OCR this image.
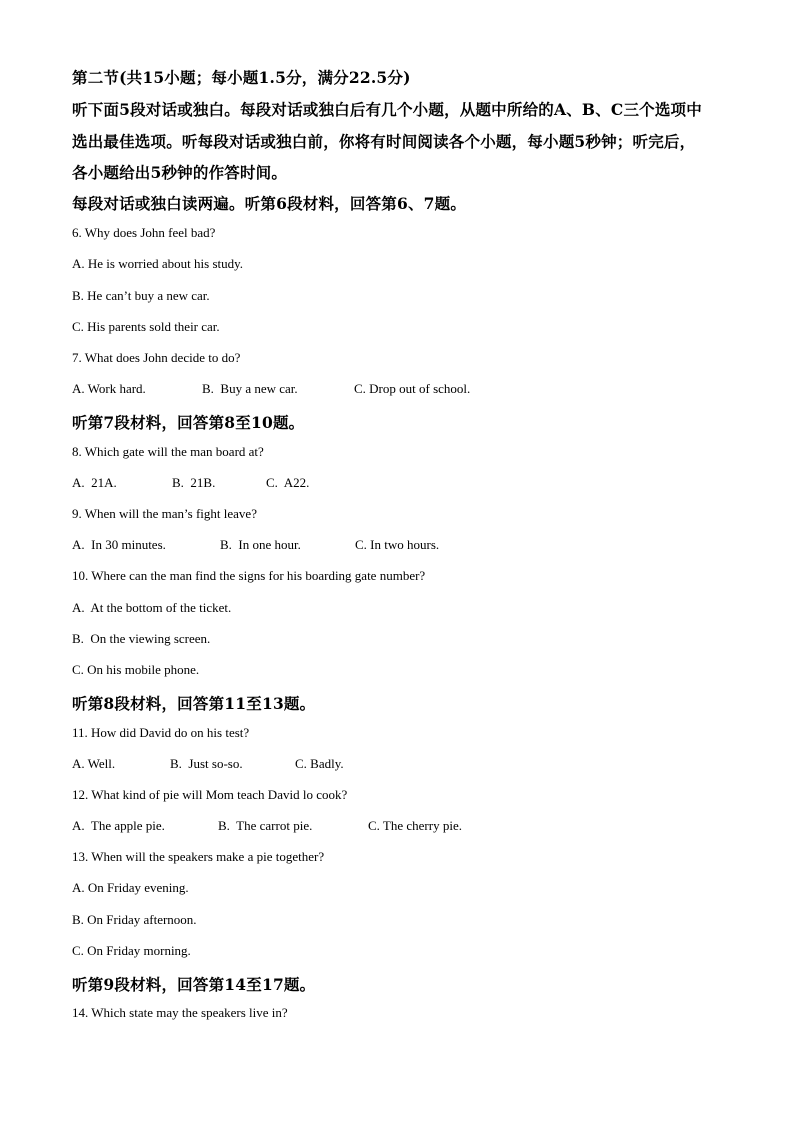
第二节(共15小题；每小题1.5分，满分22.5分)
听下面5段对话或独白。每段对话或独白后有几个小题，从题中所给的A、B、C三个选项中
选出最佳选项。听每段对话或独白前，你将有时间阅读各个小题，每小题5秒钟；听完后，
各小题给出5秒钟的作答时间。
每段对话或独白读两遍。听第6段材料，回答第6、7题。
6. Why does John feel bad?
A. He is worried about his study.
B. He can’t buy a new car.
C. His parents sold their car.
7. What does John decide to do?
A. Work hard.	B.  Buy a new car.	C. Drop out of school.
听第7段材料，回答第8至10题。
8. Which gate will the man board at?
A.  21A.	B.  21B.	C.  A22.
9. When will the man’s fight leave?
A.  In 30 minutes.	B.  In one hour.	C. In two hours.
10. Where can the man find the signs for his boarding gate number?
A.  At the bottom of the ticket.
B.  On the viewing screen.
C. On his mobile phone.
听第8段材料，回答第11至13题。
11. How did David do on his test?
A. Well.	B.  Just so-so.	C. Badly.
12. What kind of pie will Mom teach David lo cook?
A.  The apple pie.	B.  The carrot pie.	C. The cherry pie.
13. When will the speakers make a pie together?
A. On Friday evening.
B. On Friday afternoon.
C. On Friday morning.
听第9段材料，回答第14至17题。
14. Which state may the speakers live in?
